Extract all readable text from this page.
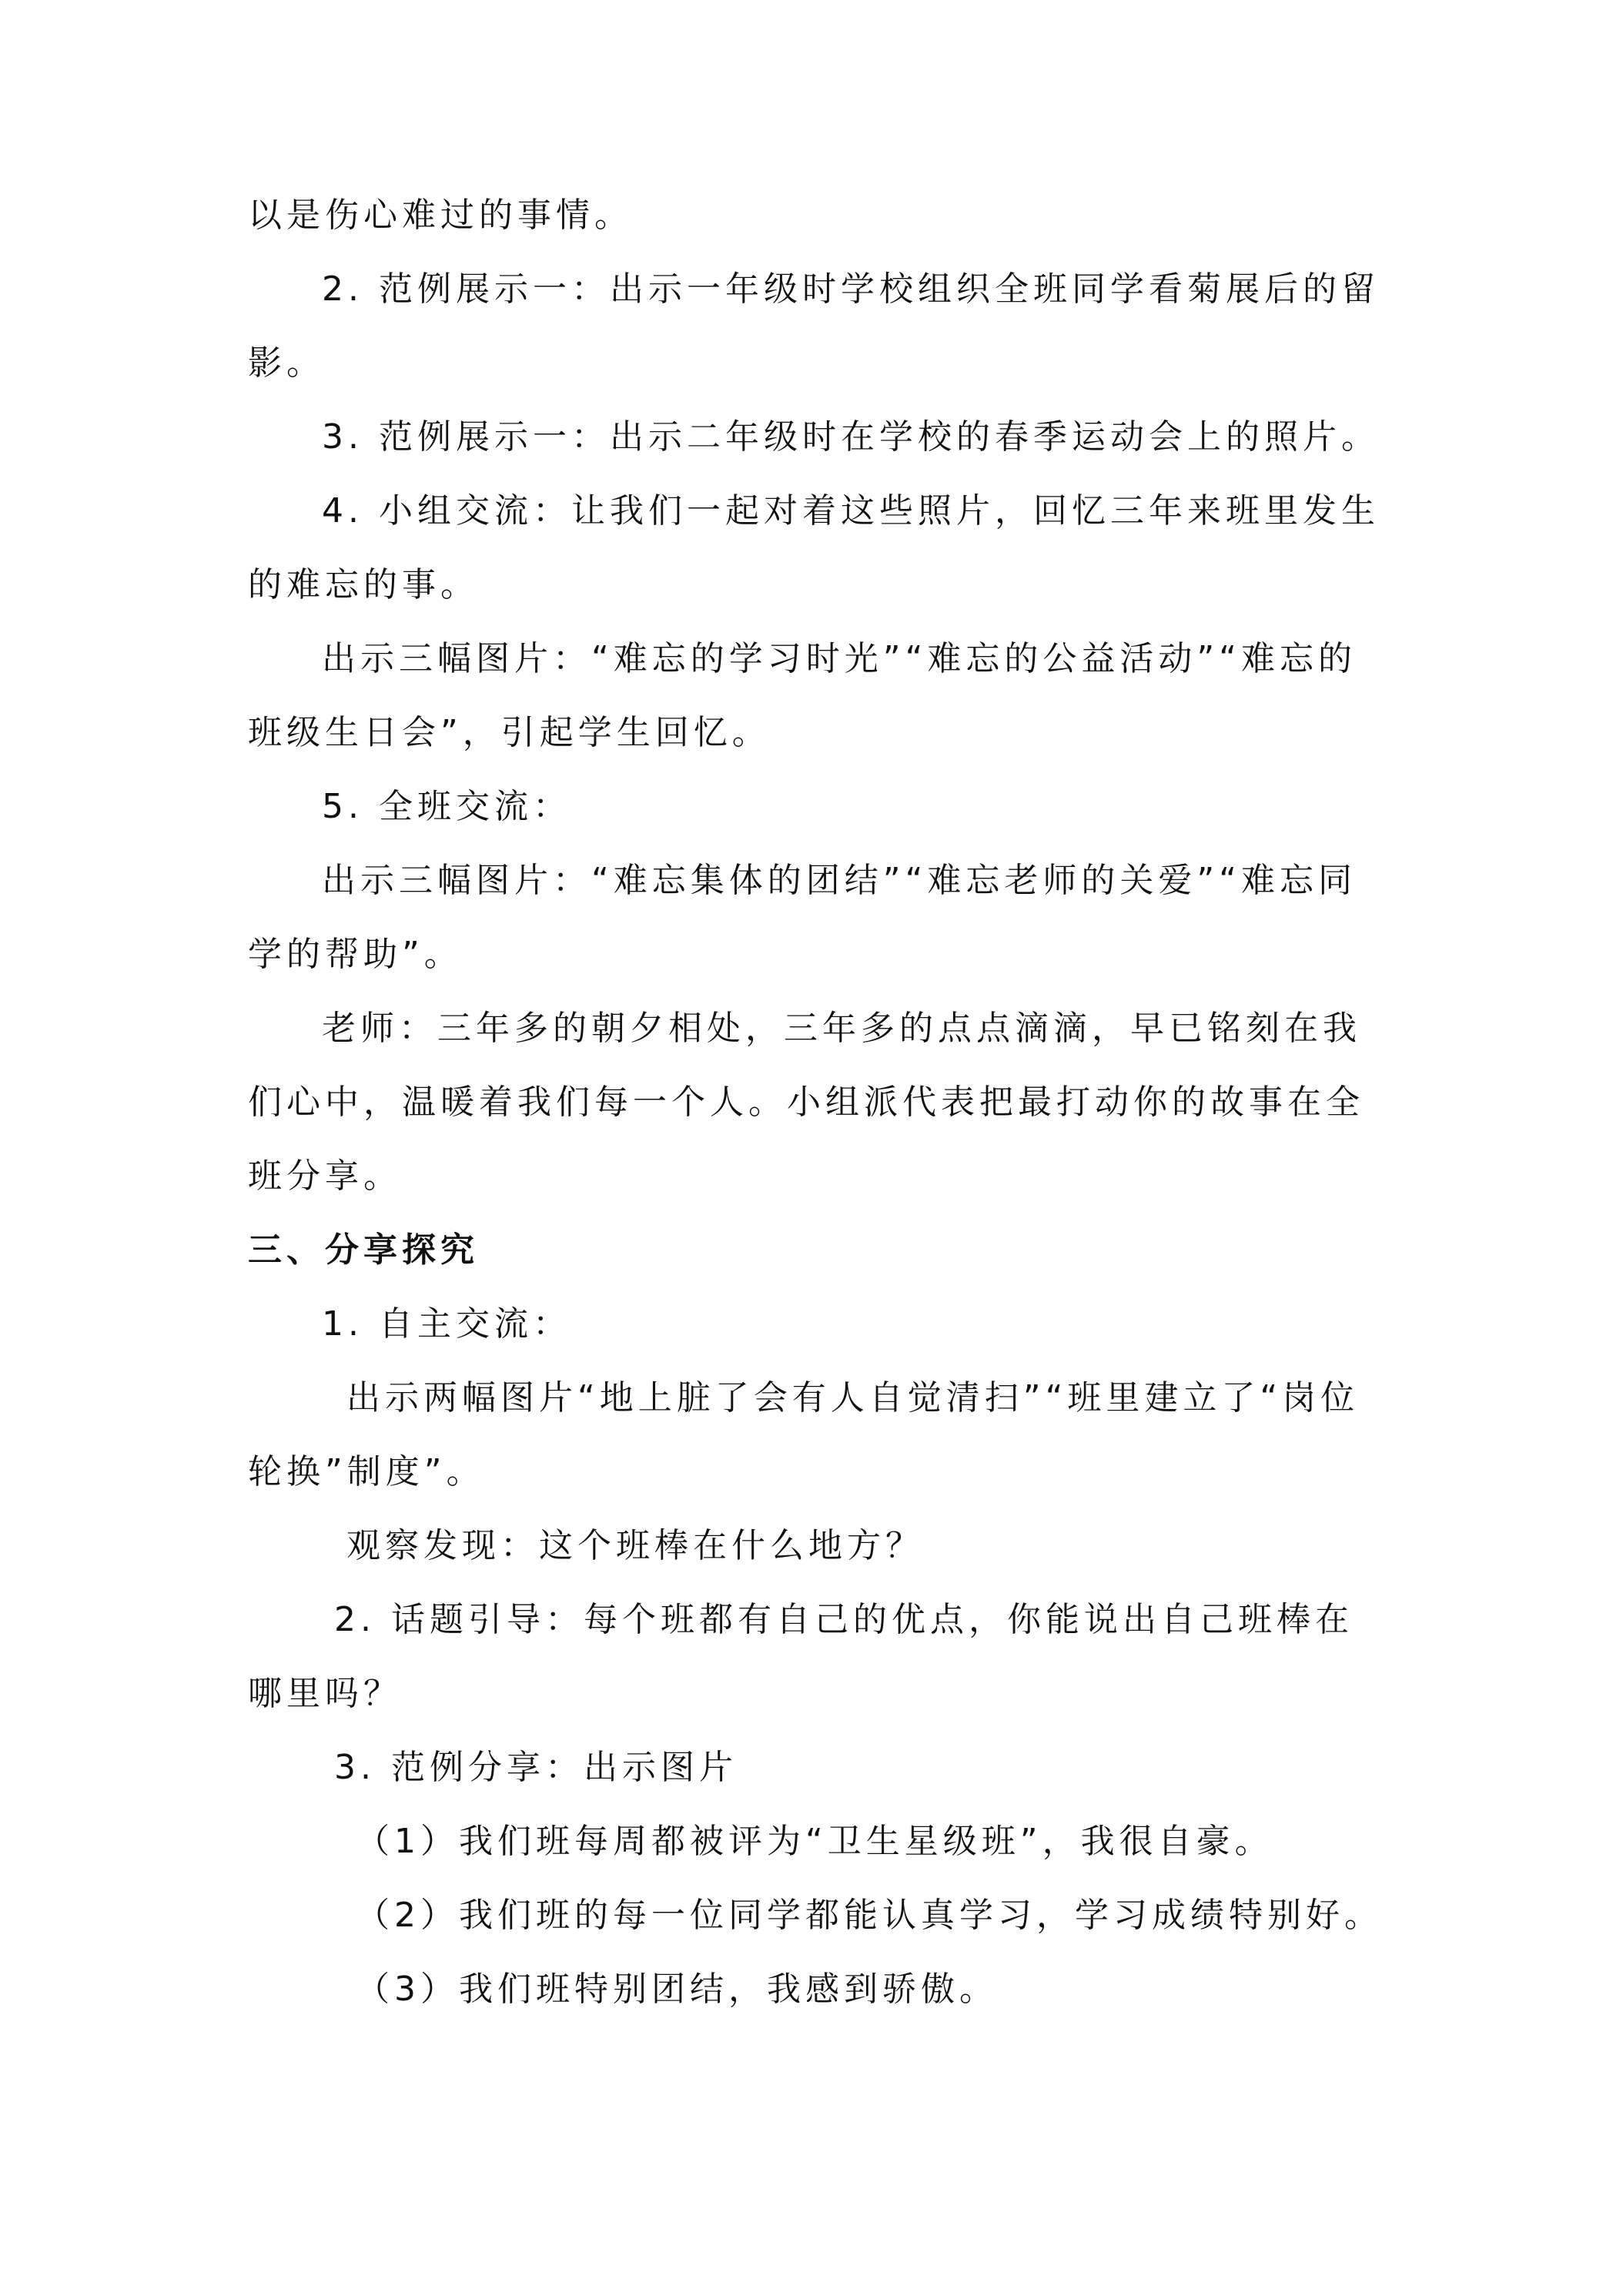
以是伤心难过的事情。

2. 范例展示一：出示一年级时学校组织全班同学看菊展后的留影。

3. 范例展示一：出示二年级时在学校的春季运动会上的照片。

4. 小组交流：让我们一起对着这些照片，回忆三年来班里发生的难忘的事。

出示三幅图片：“难忘的学习时光”“难忘的公益活动”“难忘的班级生日会”，引起学生回忆。

5. 全班交流：

出示三幅图片：“难忘集体的团结”“难忘老师的关爱”“难忘同学的帮助”。

老师：三年多的朝夕相处，三年多的点点滴滴，早已铭刻在我们心中，温暖着我们每一个人。小组派代表把最打动你的故事在全班分享。

三、分享探究

1. 自主交流：

出示两幅图片“地上脏了会有人自觉清扫”“班里建立了“岗位轮换”制度”。

观察发现：这个班棒在什么地方？

2. 话题引导：每个班都有自己的优点，你能说出自己班棒在哪里吗？

3. 范例分享：出示图片

（1）我们班每周都被评为“卫生星级班”，我很自豪。

（2）我们班的每一位同学都能认真学习，学习成绩特别好。

（3）我们班特别团结，我感到骄傲。
